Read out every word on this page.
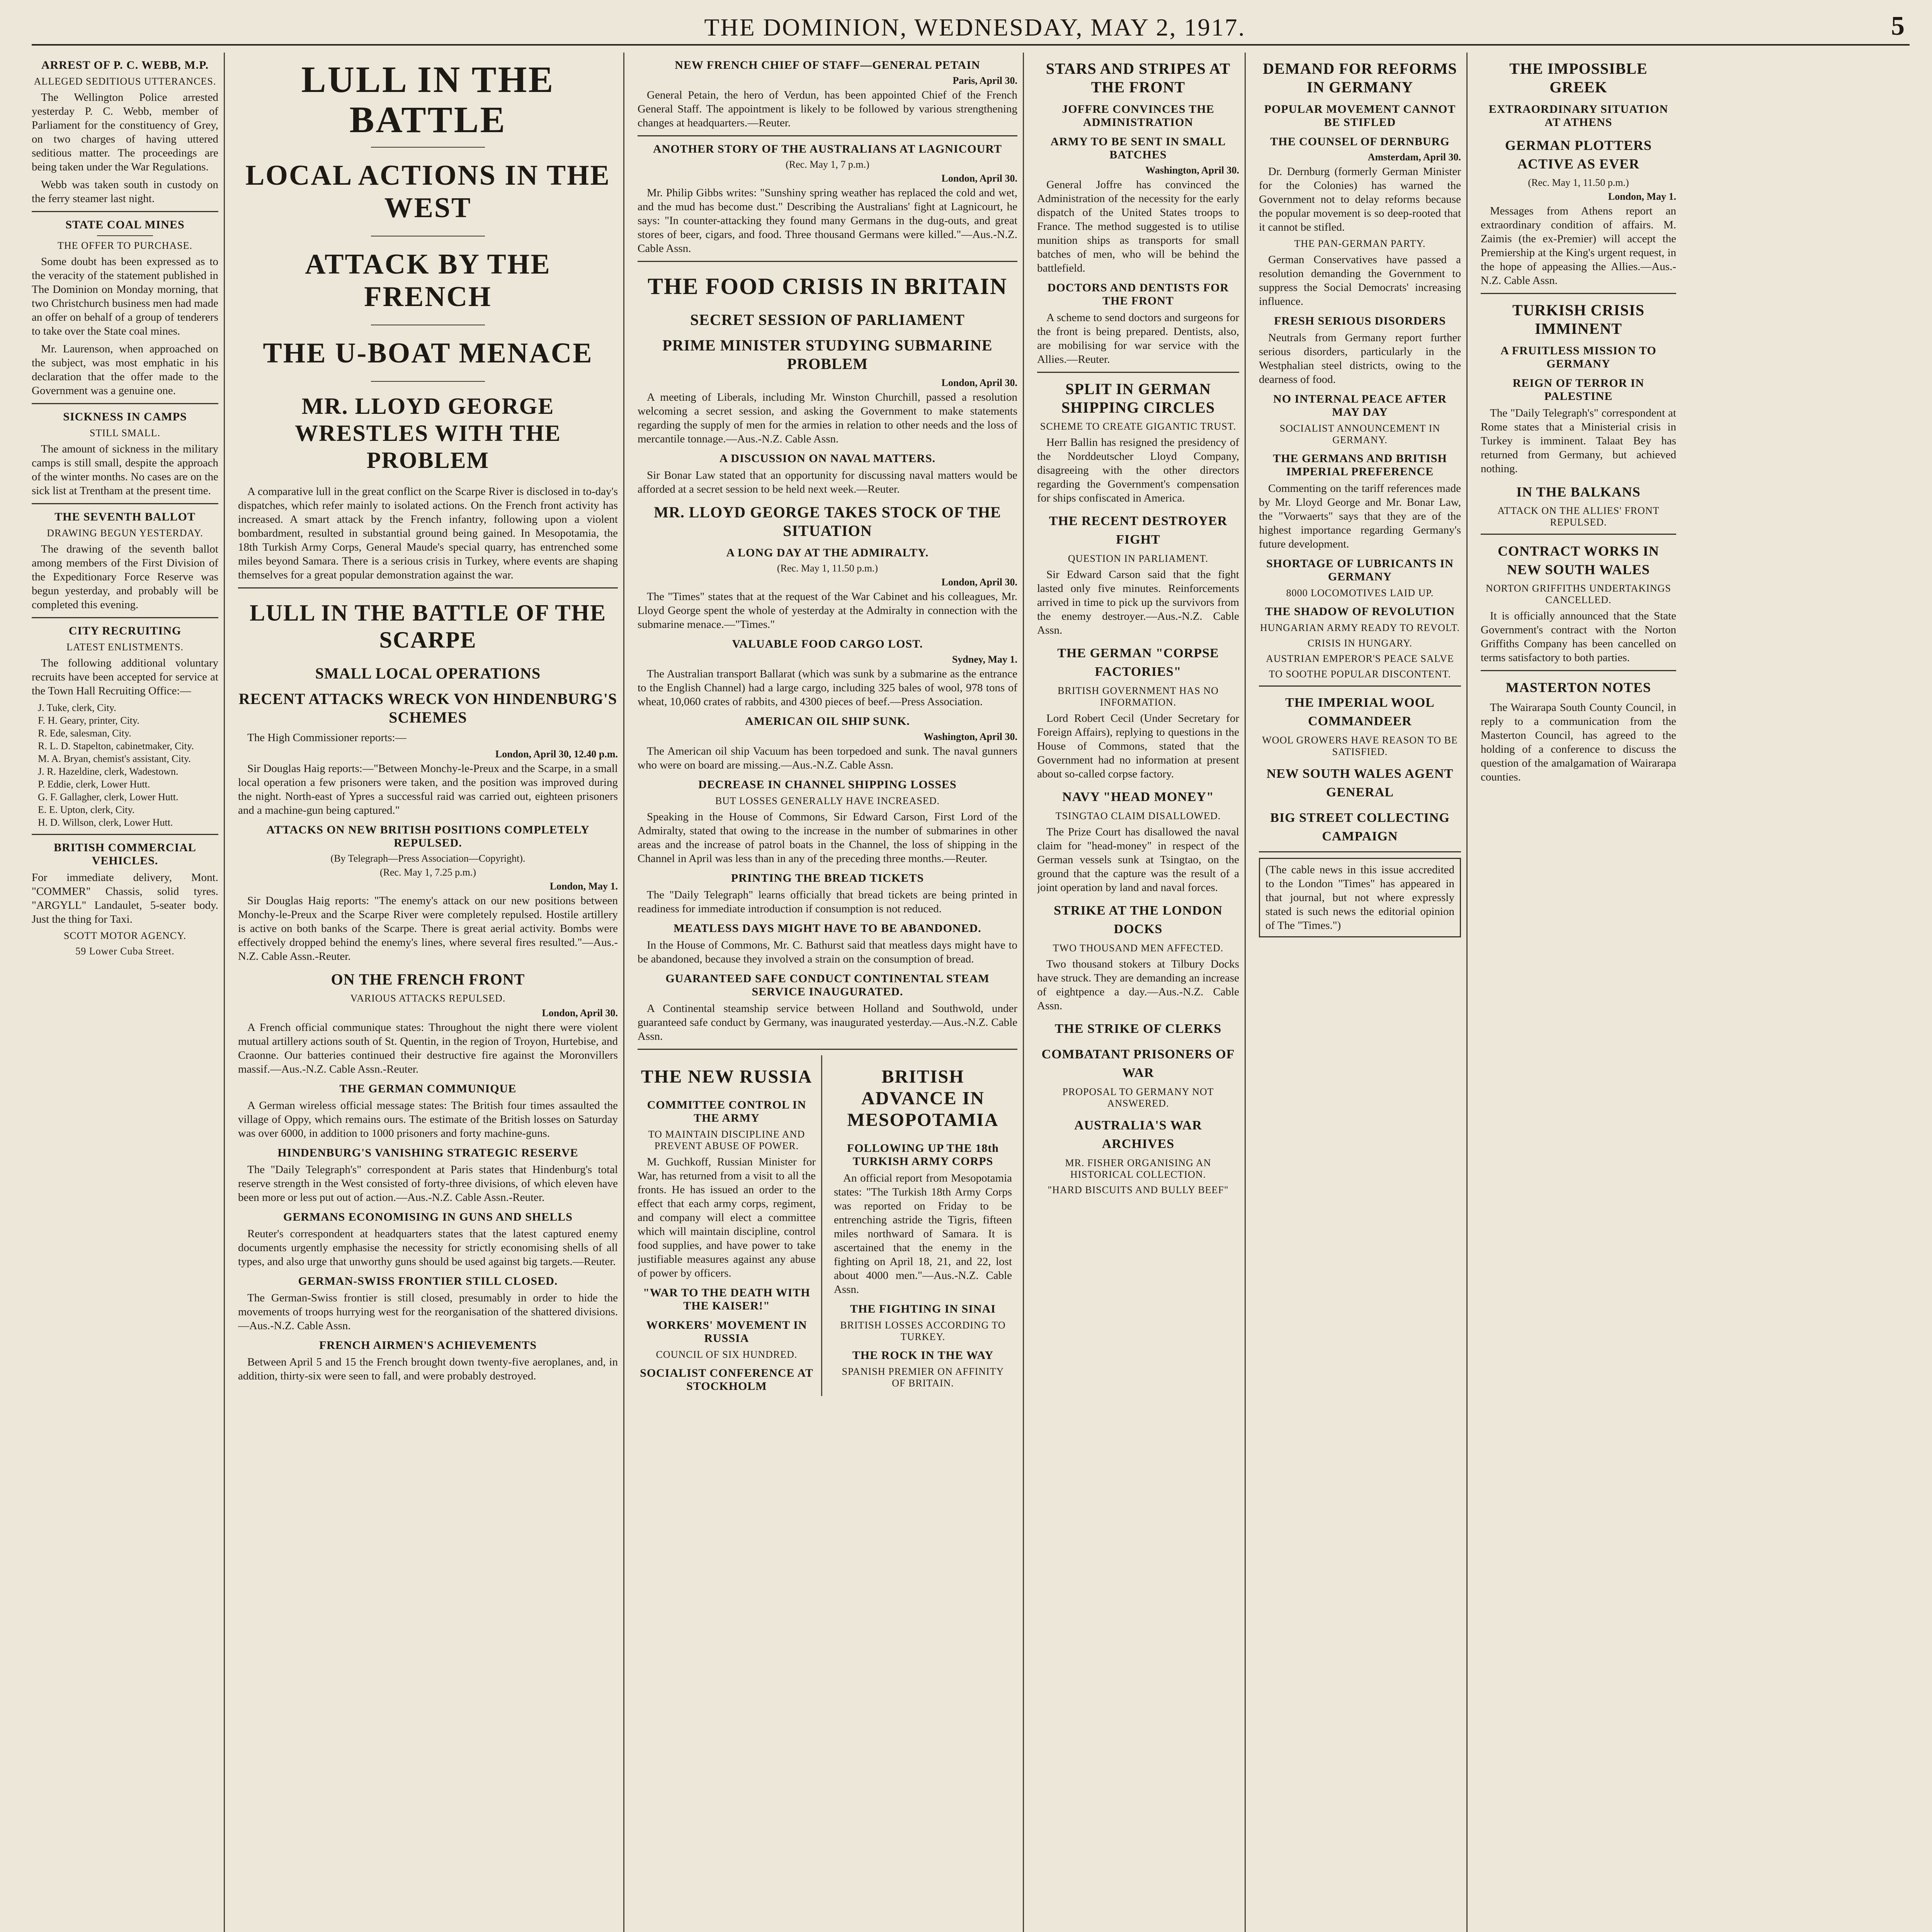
THE DOMINION, WEDNESDAY, MAY 2, 1917.	5
ARREST OF P. C. WEBB, M.P.
ALLEGED SEDITIOUS UTTERANCES.

The Wellington Police arrested yesterday P. C. Webb, member of Parliament for the constituency of Grey, on two charges of having uttered seditious matter. The proceedings are being taken under the War Regulations.

Webb was taken south in custody on the ferry steamer last night.

STATE COAL MINES
THE OFFER TO PURCHASE.

Some doubt has been expressed as to the veracity of the statement published in The Dominion on Monday morning, that two Christchurch business men had made an offer on behalf of a group of tenderers to take over the State coal mines.

Mr. Laurenson, when approached on the subject, was most emphatic in his declaration that the offer made to the Government was a genuine one.

SICKNESS IN CAMPS
STILL SMALL.

The amount of sickness in the military camps is still small, despite the approach of the winter months. No cases are on the sick list at Trentham at the present time.

THE SEVENTH BALLOT
DRAWING BEGUN YESTERDAY.

The drawing of the seventh ballot among members of the First Division of the Expeditionary Force Reserve was begun yesterday, and probably will be completed this evening.

CITY RECRUITING
LATEST ENLISTMENTS.

The following additional voluntary recruits have been accepted for service at the Town Hall Recruiting Office:—

J. Tuke, clerk, City.
F. H. Geary, printer, City.
R. Ede, salesman, City.
R. L. D. Stapelton, cabinetmaker, City.
M. A. Bryan, chemist's assistant, City.
J. R. Hazeldine, clerk, Wadestown.
P. Eddie, clerk, Lower Hutt.
G. F. Gallagher, clerk, Lower Hutt.
E. E. Upton, clerk, City.
H. D. Willson, clerk, Lower Hutt.
BRITISH COMMERCIAL VEHICLES.

For immediate delivery, Mont. "COMMER" Chassis, solid tyres. "ARGYLL" Landaulet, 5-seater body. Just the thing for Taxi.

SCOTT MOTOR AGENCY.
59 Lower Cuba Street.
LULL IN THE BATTLE
LOCAL ACTIONS IN THE WEST
ATTACK BY THE FRENCH
THE U-BOAT MENACE
MR. LLOYD GEORGE WRESTLES WITH THE PROBLEM

A comparative lull in the great conflict on the Scarpe River is disclosed in to-day's dispatches, which refer mainly to isolated actions. On the French front activity has increased. A smart attack by the French infantry, following upon a violent bombardment, resulted in substantial ground being gained. In Mesopotamia, the 18th Turkish Army Corps, General Maude's special quarry, has entrenched some miles beyond Samara. There is a serious crisis in Turkey, where events are shaping themselves for a great popular demonstration against the war.

LULL IN THE BATTLE OF THE SCARPE
SMALL LOCAL OPERATIONS
RECENT ATTACKS WRECK VON HINDENBURG'S SCHEMES

The High Commissioner reports:—

London, April 30, 12.40 p.m.

Sir Douglas Haig reports:—"Between Monchy-le-Preux and the Scarpe, in a small local operation a few prisoners were taken, and the position was improved during the night. North-east of Ypres a successful raid was carried out, eighteen prisoners and a machine-gun being captured."

ATTACKS ON NEW BRITISH POSITIONS COMPLETELY REPULSED.
(By Telegraph—Press Association—Copyright).
(Rec. May 1, 7.25 p.m.)
London, May 1.

Sir Douglas Haig reports: "The enemy's attack on our new positions between Monchy-le-Preux and the Scarpe River were completely repulsed. Hostile artillery is active on both banks of the Scarpe. There is great aerial activity. Bombs were effectively dropped behind the enemy's lines, where several fires resulted."—Aus.-N.Z. Cable Assn.-Reuter.

ON THE FRENCH FRONT
VARIOUS ATTACKS REPULSED.
London, April 30.

A French official communique states: Throughout the night there were violent mutual artillery actions south of St. Quentin, in the region of Troyon, Hurtebise, and Craonne. Our batteries continued their destructive fire against the Moronvillers massif.—Aus.-N.Z. Cable Assn.-Reuter.

THE GERMAN COMMUNIQUE

A German wireless official message states: The British four times assaulted the village of Oppy, which remains ours. The estimate of the British losses on Saturday was over 6000, in addition to 1000 prisoners and forty machine-guns.

HINDENBURG'S VANISHING STRATEGIC RESERVE

The "Daily Telegraph's" correspondent at Paris states that Hindenburg's total reserve strength in the West consisted of forty-three divisions, of which eleven have been more or less put out of action.—Aus.-N.Z. Cable Assn.-Reuter.

GERMANS ECONOMISING IN GUNS AND SHELLS

Reuter's correspondent at headquarters states that the latest captured enemy documents urgently emphasise the necessity for strictly economising shells of all types, and also urge that unworthy guns should be used against big targets.—Reuter.

GERMAN-SWISS FRONTIER STILL CLOSED.

The German-Swiss frontier is still closed, presumably in order to hide the movements of troops hurrying west for the reorganisation of the shattered divisions.—Aus.-N.Z. Cable Assn.

FRENCH AIRMEN'S ACHIEVEMENTS

Between April 5 and 15 the French brought down twenty-five aeroplanes, and, in addition, thirty-six were seen to fall, and were probably destroyed.

NEW FRENCH CHIEF OF STAFF—GENERAL PETAIN
Paris, April 30.

General Petain, the hero of Verdun, has been appointed Chief of the French General Staff. The appointment is likely to be followed by various strengthening changes at headquarters.—Reuter.

ANOTHER STORY OF THE AUSTRALIANS AT LAGNICOURT
(Rec. May 1, 7 p.m.)
London, April 30.

Mr. Philip Gibbs writes: "Sunshiny spring weather has replaced the cold and wet, and the mud has become dust." Describing the Australians' fight at Lagnicourt, he says: "In counter-attacking they found many Germans in the dug-outs, and great stores of beer, cigars, and food. Three thousand Germans were killed."—Aus.-N.Z. Cable Assn.

THE FOOD CRISIS IN BRITAIN
SECRET SESSION OF PARLIAMENT
PRIME MINISTER STUDYING SUBMARINE PROBLEM
London, April 30.

A meeting of Liberals, including Mr. Winston Churchill, passed a resolution welcoming a secret session, and asking the Government to make statements regarding the supply of men for the armies in relation to other needs and the loss of mercantile tonnage.—Aus.-N.Z. Cable Assn.

A DISCUSSION ON NAVAL MATTERS.

Sir Bonar Law stated that an opportunity for discussing naval matters would be afforded at a secret session to be held next week.—Reuter.

MR. LLOYD GEORGE TAKES STOCK OF THE SITUATION
A LONG DAY AT THE ADMIRALTY.
(Rec. May 1, 11.50 p.m.)
London, April 30.

The "Times" states that at the request of the War Cabinet and his colleagues, Mr. Lloyd George spent the whole of yesterday at the Admiralty in connection with the submarine menace.—"Times."

VALUABLE FOOD CARGO LOST.
Sydney, May 1.

The Australian transport Ballarat (which was sunk by a submarine as the entrance to the English Channel) had a large cargo, including 325 bales of wool, 978 tons of wheat, 10,060 crates of rabbits, and 4300 pieces of beef.—Press Association.

AMERICAN OIL SHIP SUNK.
Washington, April 30.

The American oil ship Vacuum has been torpedoed and sunk. The naval gunners who were on board are missing.—Aus.-N.Z. Cable Assn.

DECREASE IN CHANNEL SHIPPING LOSSES
BUT LOSSES GENERALLY HAVE INCREASED.

Speaking in the House of Commons, Sir Edward Carson, First Lord of the Admiralty, stated that owing to the increase in the number of submarines in other areas and the increase of patrol boats in the Channel, the loss of shipping in the Channel in April was less than in any of the preceding three months.—Reuter.

PRINTING THE BREAD TICKETS

The "Daily Telegraph" learns officially that bread tickets are being printed in readiness for immediate introduction if consumption is not reduced.

MEATLESS DAYS MIGHT HAVE TO BE ABANDONED.

In the House of Commons, Mr. C. Bathurst said that meatless days might have to be abandoned, because they involved a strain on the consumption of bread.

GUARANTEED SAFE CONDUCT CONTINENTAL STEAM SERVICE INAUGURATED.

A Continental steamship service between Holland and Southwold, under guaranteed safe conduct by Germany, was inaugurated yesterday.—Aus.-N.Z. Cable Assn.

THE NEW RUSSIA
COMMITTEE CONTROL IN THE ARMY
TO MAINTAIN DISCIPLINE AND PREVENT ABUSE OF POWER.

M. Guchkoff, Russian Minister for War, has returned from a visit to all the fronts. He has issued an order to the effect that each army corps, regiment, and company will elect a committee which will maintain discipline, control food supplies, and have power to take justifiable measures against any abuse of power by officers.

"WAR TO THE DEATH WITH THE KAISER!"
WORKERS' MOVEMENT IN RUSSIA
COUNCIL OF SIX HUNDRED.
SOCIALIST CONFERENCE AT STOCKHOLM
BRITISH ADVANCE IN MESOPOTAMIA
FOLLOWING UP THE 18th TURKISH ARMY CORPS

An official report from Mesopotamia states: "The Turkish 18th Army Corps was reported on Friday to be entrenching astride the Tigris, fifteen miles northward of Samara. It is ascertained that the enemy in the fighting on April 18, 21, and 22, lost about 4000 men."—Aus.-N.Z. Cable Assn.

THE FIGHTING IN SINAI
BRITISH LOSSES ACCORDING TO TURKEY.
THE ROCK IN THE WAY
SPANISH PREMIER ON AFFINITY OF BRITAIN.
STARS AND STRIPES AT THE FRONT
JOFFRE CONVINCES THE ADMINISTRATION
ARMY TO BE SENT IN SMALL BATCHES
Washington, April 30.

General Joffre has convinced the Administration of the necessity for the early dispatch of the United States troops to France. The method suggested is to utilise munition ships as transports for small batches of men, who will be behind the battlefield.

DOCTORS AND DENTISTS FOR THE FRONT

A scheme to send doctors and surgeons for the front is being prepared. Dentists, also, are mobilising for war service with the Allies.—Reuter.

SPLIT IN GERMAN SHIPPING CIRCLES
SCHEME TO CREATE GIGANTIC TRUST.

Herr Ballin has resigned the presidency of the Norddeutscher Lloyd Company, disagreeing with the other directors regarding the Government's compensation for ships confiscated in America.

THE RECENT DESTROYER FIGHT
QUESTION IN PARLIAMENT.

Sir Edward Carson said that the fight lasted only five minutes. Reinforcements arrived in time to pick up the survivors from the enemy destroyer.—Aus.-N.Z. Cable Assn.

THE GERMAN "CORPSE FACTORIES"
BRITISH GOVERNMENT HAS NO INFORMATION.

Lord Robert Cecil (Under Secretary for Foreign Affairs), replying to questions in the House of Commons, stated that the Government had no information at present about so-called corpse factory.

NAVY "HEAD MONEY"
TSINGTAO CLAIM DISALLOWED.

The Prize Court has disallowed the naval claim for "head-money" in respect of the German vessels sunk at Tsingtao, on the ground that the capture was the result of a joint operation by land and naval forces.

STRIKE AT THE LONDON DOCKS
TWO THOUSAND MEN AFFECTED.

Two thousand stokers at Tilbury Docks have struck. They are demanding an increase of eightpence a day.—Aus.-N.Z. Cable Assn.

THE STRIKE OF CLERKS
COMBATANT PRISONERS OF WAR
PROPOSAL TO GERMANY NOT ANSWERED.
AUSTRALIA'S WAR ARCHIVES
MR. FISHER ORGANISING AN HISTORICAL COLLECTION.
"HARD BISCUITS AND BULLY BEEF"
DEMAND FOR REFORMS IN GERMANY
POPULAR MOVEMENT CANNOT BE STIFLED
THE COUNSEL OF DERNBURG
Amsterdam, April 30.

Dr. Dernburg (formerly German Minister for the Colonies) has warned the Government not to delay reforms because the popular movement is so deep-rooted that it cannot be stifled.

THE PAN-GERMAN PARTY.

German Conservatives have passed a resolution demanding the Government to suppress the Social Democrats' increasing influence.

FRESH SERIOUS DISORDERS

Neutrals from Germany report further serious disorders, particularly in the Westphalian steel districts, owing to the dearness of food.

NO INTERNAL PEACE AFTER MAY DAY
SOCIALIST ANNOUNCEMENT IN GERMANY.
THE GERMANS AND BRITISH IMPERIAL PREFERENCE

Commenting on the tariff references made by Mr. Lloyd George and Mr. Bonar Law, the "Vorwaerts" says that they are of the highest importance regarding Germany's future development.

SHORTAGE OF LUBRICANTS IN GERMANY
8000 LOCOMOTIVES LAID UP.
THE SHADOW OF REVOLUTION
HUNGARIAN ARMY READY TO REVOLT.
CRISIS IN HUNGARY.
AUSTRIAN EMPEROR'S PEACE SALVE
TO SOOTHE POPULAR DISCONTENT.
THE IMPERIAL WOOL COMMANDEER
WOOL GROWERS HAVE REASON TO BE SATISFIED.
NEW SOUTH WALES AGENT GENERAL
BIG STREET COLLECTING CAMPAIGN

(The cable news in this issue accredited to the London "Times" has appeared in that journal, but not where expressly stated is such news the editorial opinion of The "Times.")

THE IMPOSSIBLE GREEK
EXTRAORDINARY SITUATION AT ATHENS
GERMAN PLOTTERS ACTIVE AS EVER
(Rec. May 1, 11.50 p.m.)
London, May 1.

Messages from Athens report an extraordinary condition of affairs. M. Zaimis (the ex-Premier) will accept the Premiership at the King's urgent request, in the hope of appeasing the Allies.—Aus.-N.Z. Cable Assn.

TURKISH CRISIS IMMINENT
A FRUITLESS MISSION TO GERMANY
REIGN OF TERROR IN PALESTINE

The "Daily Telegraph's" correspondent at Rome states that a Ministerial crisis in Turkey is imminent. Talaat Bey has returned from Germany, but achieved nothing.

IN THE BALKANS
ATTACK ON THE ALLIES' FRONT REPULSED.
CONTRACT WORKS IN NEW SOUTH WALES
NORTON GRIFFITHS UNDERTAKINGS CANCELLED.

It is officially announced that the State Government's contract with the Norton Griffiths Company has been cancelled on terms satisfactory to both parties.

MASTERTON NOTES

The Wairarapa South County Council, in reply to a communication from the Masterton Council, has agreed to the holding of a conference to discuss the question of the amalgamation of Wairarapa counties.
